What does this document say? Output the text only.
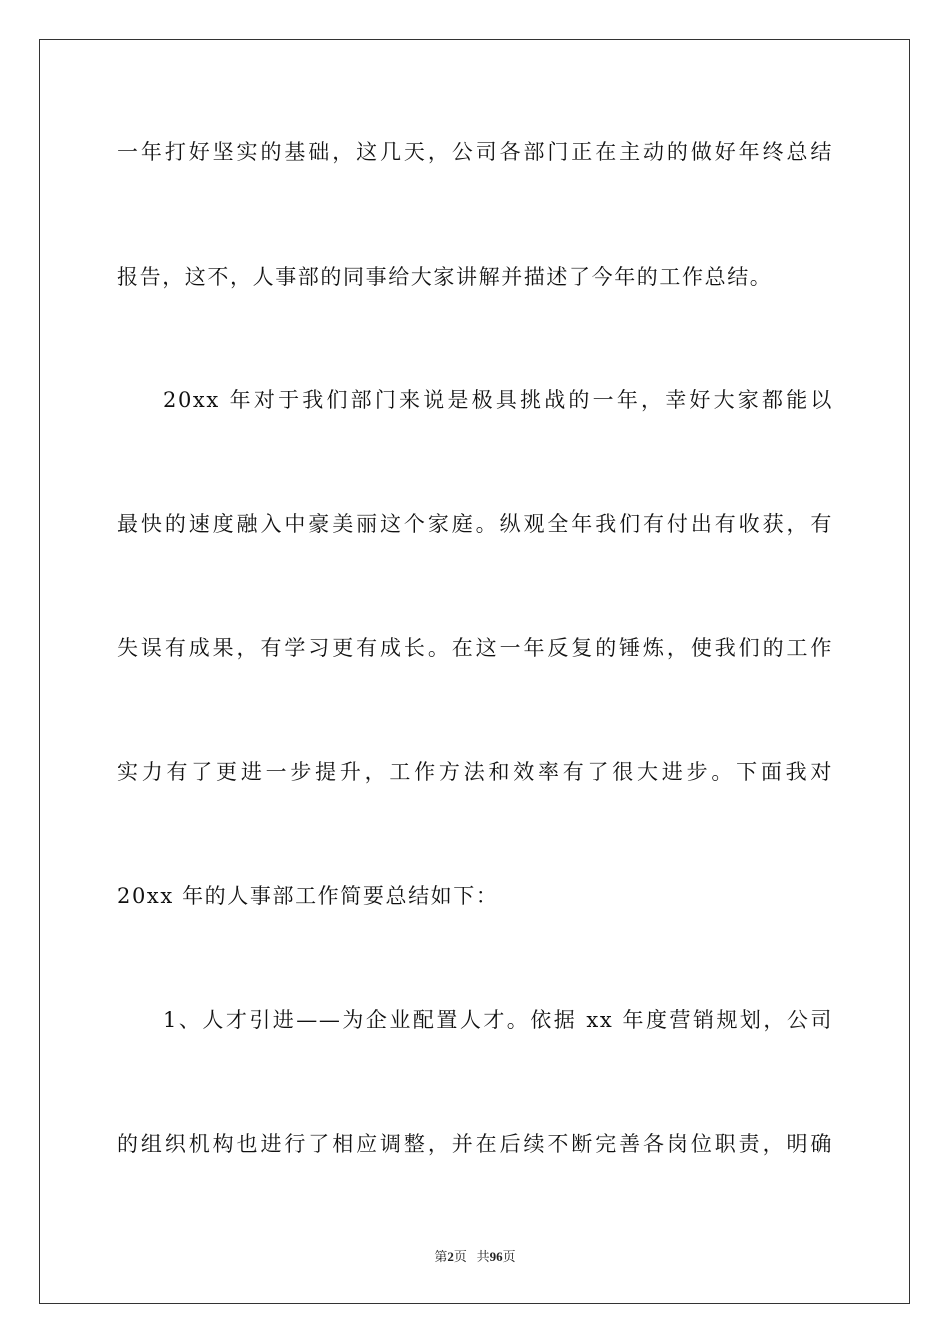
一年打好坚实的基础，这几天，公司各部门正在主动的做好年终总结
报告，这不，人事部的同事给大家讲解并描述了今年的工作总结。
20xx 年对于我们部门来说是极具挑战的一年，幸好大家都能以
最快的速度融入中豪美丽这个家庭。纵观全年我们有付出有收获，有
失误有成果，有学习更有成长。在这一年反复的锤炼，使我们的工作
实力有了更进一步提升，工作方法和效率有了很大进步。下面我对
20xx 年的人事部工作简要总结如下：
1、人才引进——为企业配置人才。依据 xx 年度营销规划，公司
的组织机构也进行了相应调整，并在后续不断完善各岗位职责，明确
第2页 共96页
